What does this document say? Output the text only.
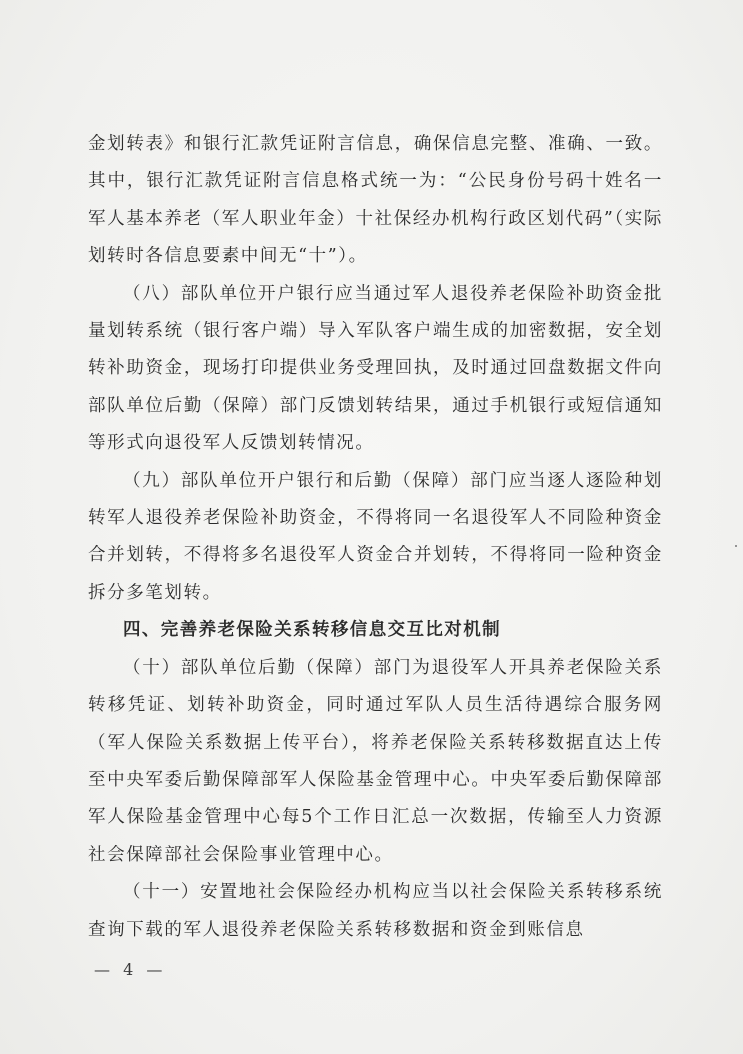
金划转表》和银行汇款凭证附言信息，确保信息完整、准确、一致。其中，银行汇款凭证附言信息格式统一为：“公民身份号码十姓名一军人基本养老（军人职业年金）十社保经办机构行政区划代码”（实际划转时各信息要素中间无“十”）。

（八）部队单位开户银行应当通过军人退役养老保险补助资金批量划转系统（银行客户端）导入军队客户端生成的加密数据，安全划转补助资金，现场打印提供业务受理回执，及时通过回盘数据文件向部队单位后勤（保障）部门反馈划转结果，通过手机银行或短信通知等形式向退役军人反馈划转情况。

（九）部队单位开户银行和后勤（保障）部门应当逐人逐险种划转军人退役养老保险补助资金，不得将同一名退役军人不同险种资金合并划转，不得将多名退役军人资金合并划转，不得将同一险种资金拆分多笔划转。

四、完善养老保险关系转移信息交互比对机制

（十）部队单位后勤（保障）部门为退役军人开具养老保险关系转移凭证、划转补助资金，同时通过军队人员生活待遇综合服务网（军人保险关系数据上传平台），将养老保险关系转移数据直达上传至中央军委后勤保障部军人保险基金管理中心。中央军委后勤保障部军人保险基金管理中心每5个工作日汇总一次数据，传输至人力资源社会保障部社会保险事业管理中心。

（十一）安置地社会保险经办机构应当以社会保险关系转移系统查询下载的军人退役养老保险关系转移数据和资金到账信息

— 4 —
